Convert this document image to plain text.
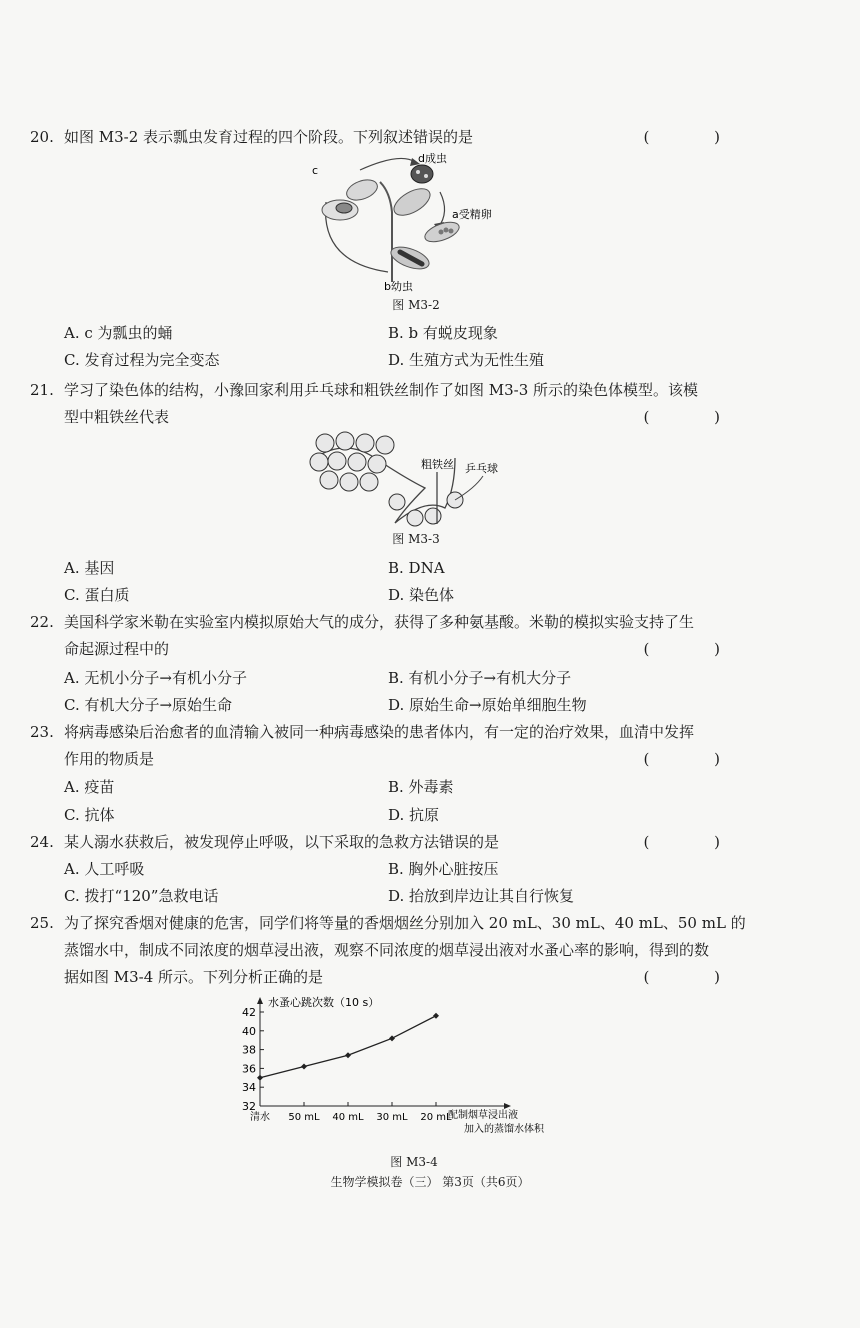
20. 如图 M3-2 表示瓢虫发育过程的四个阶段。下列叙述错误的是	( )
c
d成虫
a受精卵
b幼虫
图 M3-2
A. c 为瓢虫的蛹	B. b 有蜕皮现象
C. 发育过程为完全变态	D. 生殖方式为无性生殖
21. 学习了染色体的结构，小豫回家利用乒乓球和粗铁丝制作了如图 M3-3 所示的染色体模型。该模
型中粗铁丝代表	( )
粗铁丝 乒乓球
图 M3-3
A. 基因	B. DNA
C. 蛋白质	D. 染色体
22. 美国科学家米勒在实验室内模拟原始大气的成分，获得了多种氨基酸。米勒的模拟实验支持了生
命起源过程中的	( )
A. 无机小分子→有机小分子	B. 有机小分子→有机大分子
C. 有机大分子→原始生命	D. 原始生命→原始单细胞生物
23. 将病毒感染后治愈者的血清输入被同一种病毒感染的患者体内，有一定的治疗效果，血清中发挥
作用的物质是	( )
A. 疫苗	B. 外毒素
C. 抗体	D. 抗原
24. 某人溺水获救后，被发现停止呼吸，以下采取的急救方法错误的是	( )
A. 人工呼吸	B. 胸外心脏按压
C. 拨打“120”急救电话	D. 抬放到岸边让其自行恢复
25. 为了探究香烟对健康的危害，同学们将等量的香烟烟丝分别加入 20 mL、30 mL、40 mL、50 mL 的
蒸馏水中，制成不同浓度的烟草浸出液，观察不同浓度的烟草浸出液对水蚤心率的影响，得到的数
据如图 M3-4 所示。下列分析正确的是	( )
水蚤心跳次数（10 s）
配制烟草浸出液
加入的蒸馏水体积
32
34
36
38
40
42
清水 50 mL 40 mL 30 mL 20 mL
图 M3-4
生物学模拟卷（三） 第3页（共6页）
